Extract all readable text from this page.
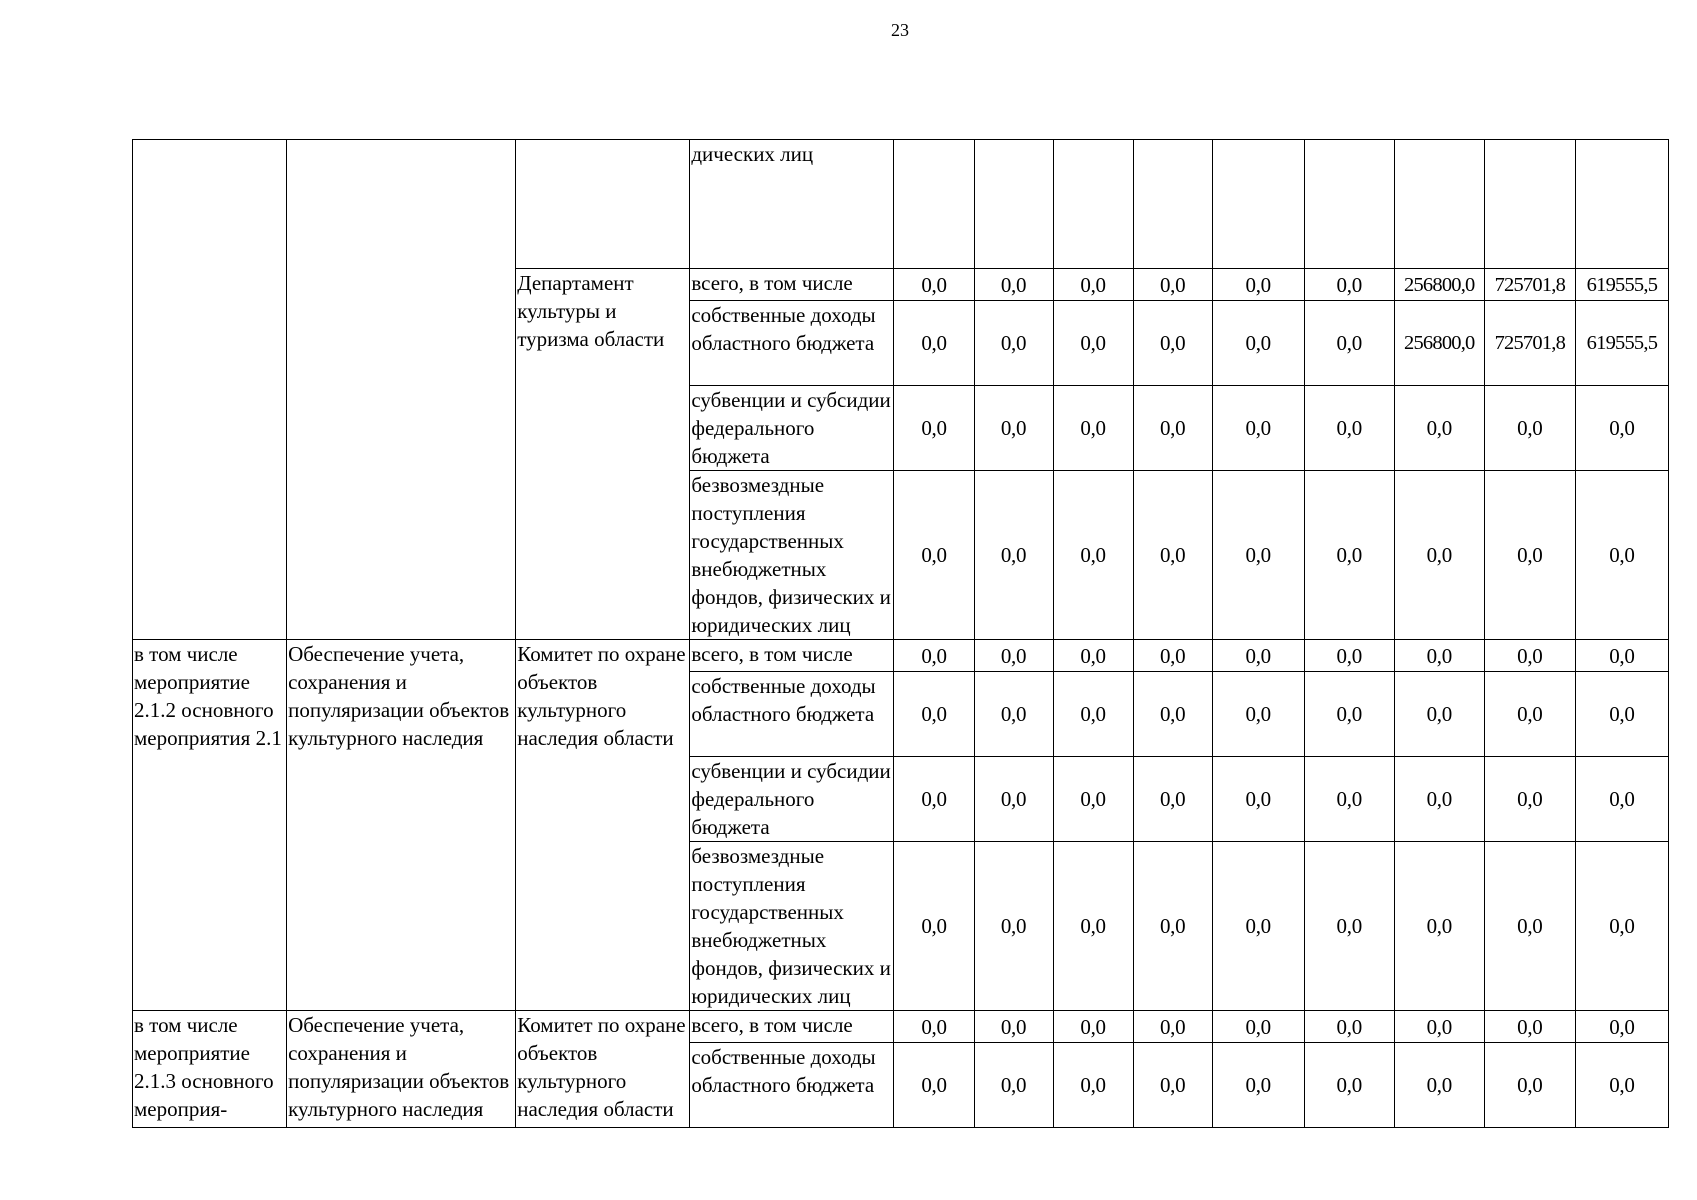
23
			дических лиц									
		Департамент культуры и туризма области	всего, в том числе	0,0	0,0	0,0	0,0	0,0	0,0	256800,0	725701,8	619555,5
			собственные доходы областного бюджета	0,0	0,0	0,0	0,0	0,0	0,0	256800,0	725701,8	619555,5
			субвенции и субсидии федерального бюджета	0,0	0,0	0,0	0,0	0,0	0,0	0,0	0,0	0,0
			безвозмездные поступления государственных внебюджетных фондов, физических и юридических лиц	0,0	0,0	0,0	0,0	0,0	0,0	0,0	0,0	0,0
в том числе мероприятие 2.1.2 основного мероприятия 2.1	Обеспечение учета, сохранения и популяризации объектов культурного наследия	Комитет по охране объектов культурного наследия области	всего, в том числе	0,0	0,0	0,0	0,0	0,0	0,0	0,0	0,0	0,0
			собственные доходы областного бюджета	0,0	0,0	0,0	0,0	0,0	0,0	0,0	0,0	0,0
			субвенции и субсидии федерального бюджета	0,0	0,0	0,0	0,0	0,0	0,0	0,0	0,0	0,0
			безвозмездные поступления государственных внебюджетных фондов, физических и юридических лиц	0,0	0,0	0,0	0,0	0,0	0,0	0,0	0,0	0,0
в том числе мероприятие 2.1.3 основного мероприя-	Обеспечение учета, сохранения и популяризации объектов культурного наследия	Комитет по охране объектов культурного наследия области	всего, в том числе	0,0	0,0	0,0	0,0	0,0	0,0	0,0	0,0	0,0
			собственные доходы областного бюджета	0,0	0,0	0,0	0,0	0,0	0,0	0,0	0,0	0,0
